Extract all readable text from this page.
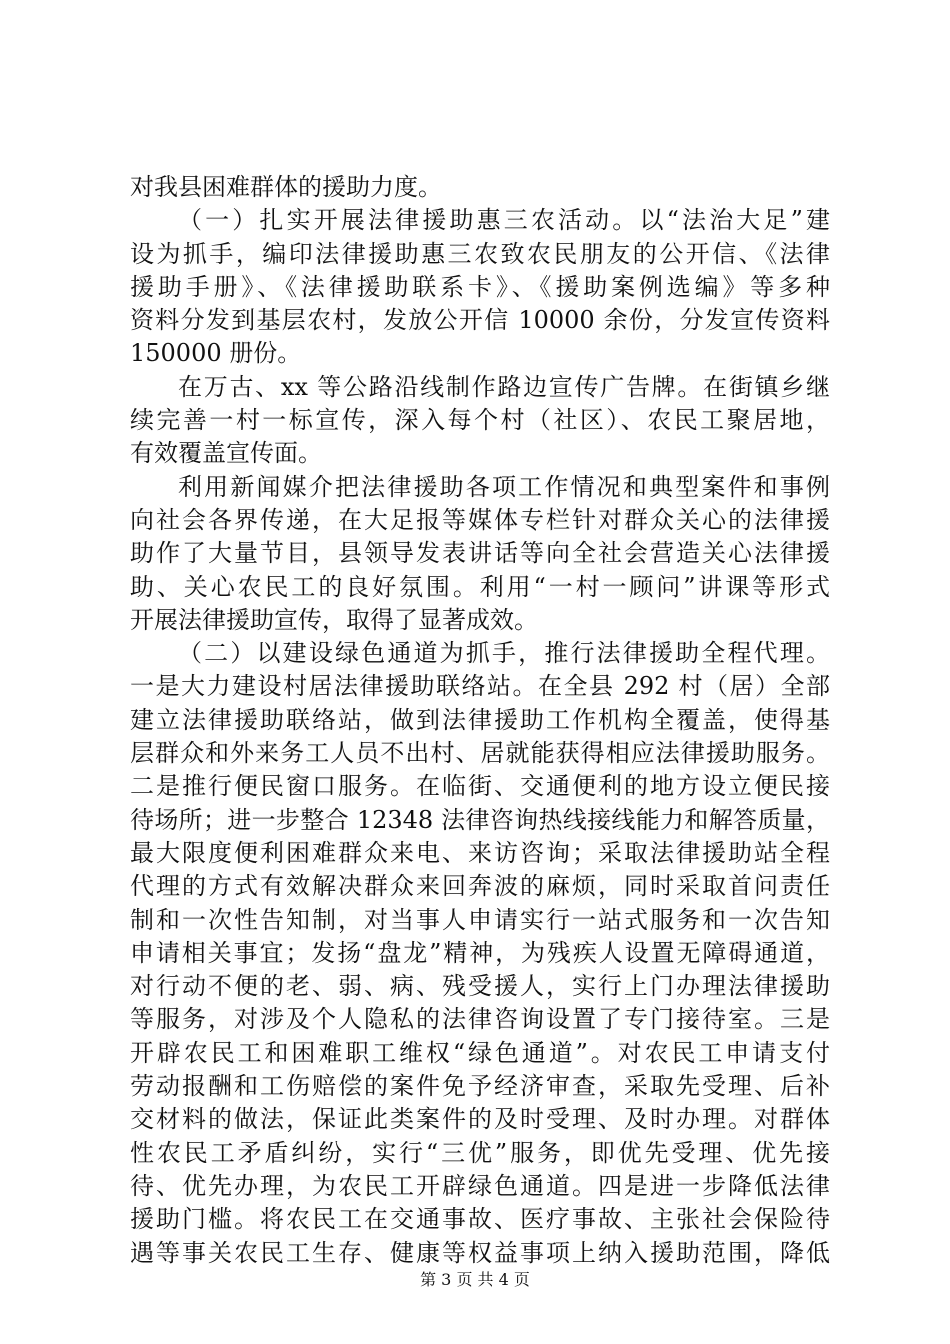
对我县困难群体的援助力度。
（一）扎实开展法律援助惠三农活动。以“法治大足”建
设为抓手，编印法律援助惠三农致农民朋友的公开信、《法律
援助手册》、《法律援助联系卡》、《援助案例选编》等多种
资料分发到基层农村，发放公开信 10000 余份，分发宣传资料
150000 册份。
在万古、xx 等公路沿线制作路边宣传广告牌。在街镇乡继
续完善一村一标宣传，深入每个村（社区）、农民工聚居地，
有效覆盖宣传面。
利用新闻媒介把法律援助各项工作情况和典型案件和事例
向社会各界传递，在大足报等媒体专栏针对群众关心的法律援
助作了大量节目，县领导发表讲话等向全社会营造关心法律援
助、关心农民工的良好氛围。利用“一村一顾问”讲课等形式
开展法律援助宣传，取得了显著成效。
（二）以建设绿色通道为抓手，推行法律援助全程代理。
一是大力建设村居法律援助联络站。在全县 292 村（居）全部
建立法律援助联络站，做到法律援助工作机构全覆盖，使得基
层群众和外来务工人员不出村、居就能获得相应法律援助服务。
二是推行便民窗口服务。在临街、交通便利的地方设立便民接
待场所；进一步整合 12348 法律咨询热线接线能力和解答质量，
最大限度便利困难群众来电、来访咨询；采取法律援助站全程
代理的方式有效解决群众来回奔波的麻烦，同时采取首问责任
制和一次性告知制，对当事人申请实行一站式服务和一次告知
申请相关事宜；发扬“盘龙”精神，为残疾人设置无障碍通道，
对行动不便的老、弱、病、残受援人，实行上门办理法律援助
等服务，对涉及个人隐私的法律咨询设置了专门接待室。三是
开辟农民工和困难职工维权“绿色通道”。对农民工申请支付
劳动报酬和工伤赔偿的案件免予经济审查，采取先受理、后补
交材料的做法，保证此类案件的及时受理、及时办理。对群体
性农民工矛盾纠纷，实行“三优”服务，即优先受理、优先接
待、优先办理，为农民工开辟绿色通道。四是进一步降低法律
援助门槛。将农民工在交通事故、医疗事故、主张社会保险待
遇等事关农民工生存、健康等权益事项上纳入援助范围，降低
第 3 页 共 4 页
